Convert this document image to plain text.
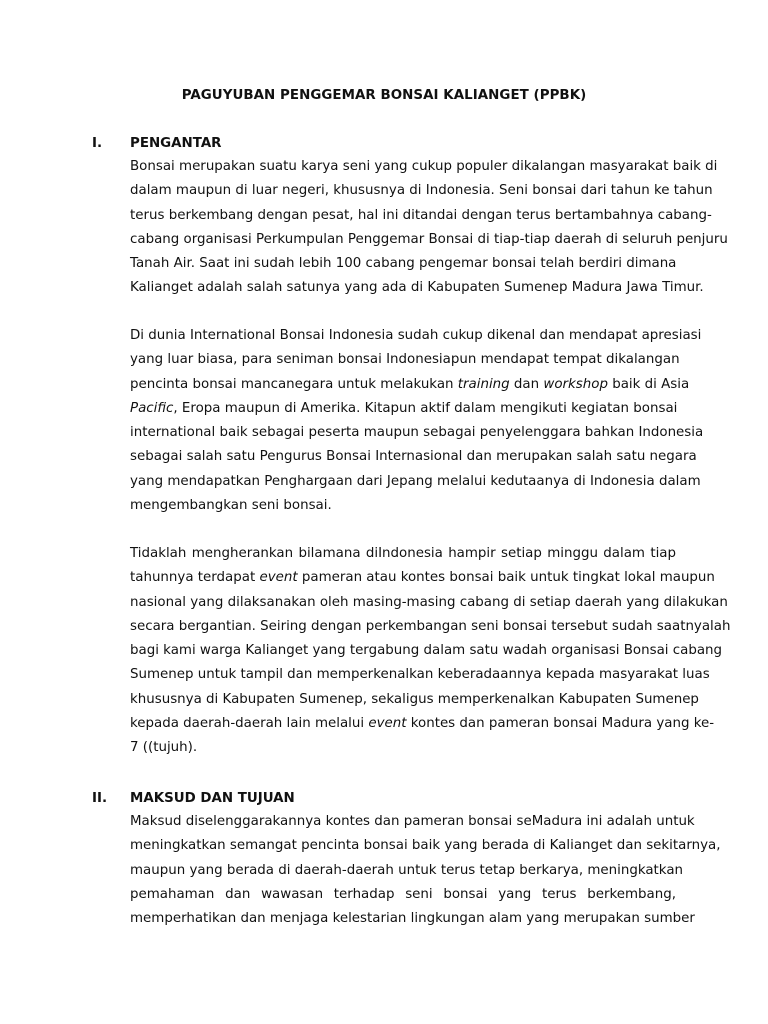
PAGUYUBAN PENGGEMAR BONSAI KALIANGET (PPBK)
I. PENGANTAR
Bonsai merupakan suatu karya seni yang cukup populer dikalangan masyarakat baik di
dalam maupun di luar negeri, khususnya di Indonesia. Seni bonsai dari tahun ke tahun
terus berkembang dengan pesat, hal ini ditandai dengan terus bertambahnya cabang-
cabang organisasi Perkumpulan Penggemar Bonsai di tiap-tiap daerah di seluruh penjuru
Tanah Air. Saat ini sudah lebih 100 cabang pengemar bonsai telah berdiri dimana
Kalianget adalah salah satunya yang ada di Kabupaten Sumenep Madura Jawa Timur.
Di dunia International Bonsai Indonesia sudah cukup dikenal dan mendapat apresiasi
yang luar biasa, para seniman bonsai Indonesiapun mendapat tempat dikalangan
pencinta bonsai mancanegara untuk melakukan training dan workshop baik di Asia
Pacific, Eropa maupun di Amerika. Kitapun aktif dalam mengikuti kegiatan bonsai
international baik sebagai peserta maupun sebagai penyelenggara bahkan Indonesia
sebagai salah satu Pengurus Bonsai Internasional dan merupakan salah satu negara
yang mendapatkan Penghargaan dari Jepang melalui kedutaanya di Indonesia dalam
mengembangkan seni bonsai.
Tidaklah mengherankan bilamana diIndonesia hampir setiap minggu dalam tiap
tahunnya terdapat event pameran atau kontes bonsai baik untuk tingkat lokal maupun
nasional yang dilaksanakan oleh masing-masing cabang di setiap daerah yang dilakukan
secara bergantian. Seiring dengan perkembangan seni bonsai tersebut sudah saatnyalah
bagi kami warga Kalianget yang tergabung dalam satu wadah organisasi Bonsai cabang
Sumenep untuk tampil dan memperkenalkan keberadaannya kepada masyarakat luas
khususnya di Kabupaten Sumenep, sekaligus memperkenalkan Kabupaten Sumenep
kepada daerah-daerah lain melalui event kontes dan pameran bonsai Madura yang ke-
7 ((tujuh).
II. MAKSUD DAN TUJUAN
Maksud diselenggarakannya kontes dan pameran bonsai seMadura ini adalah untuk
meningkatkan semangat pencinta bonsai baik yang berada di Kalianget dan sekitarnya,
maupun yang berada di daerah-daerah untuk terus tetap berkarya, meningkatkan
pemahaman dan wawasan terhadap seni bonsai yang terus berkembang,
memperhatikan dan menjaga kelestarian lingkungan alam yang merupakan sumber
